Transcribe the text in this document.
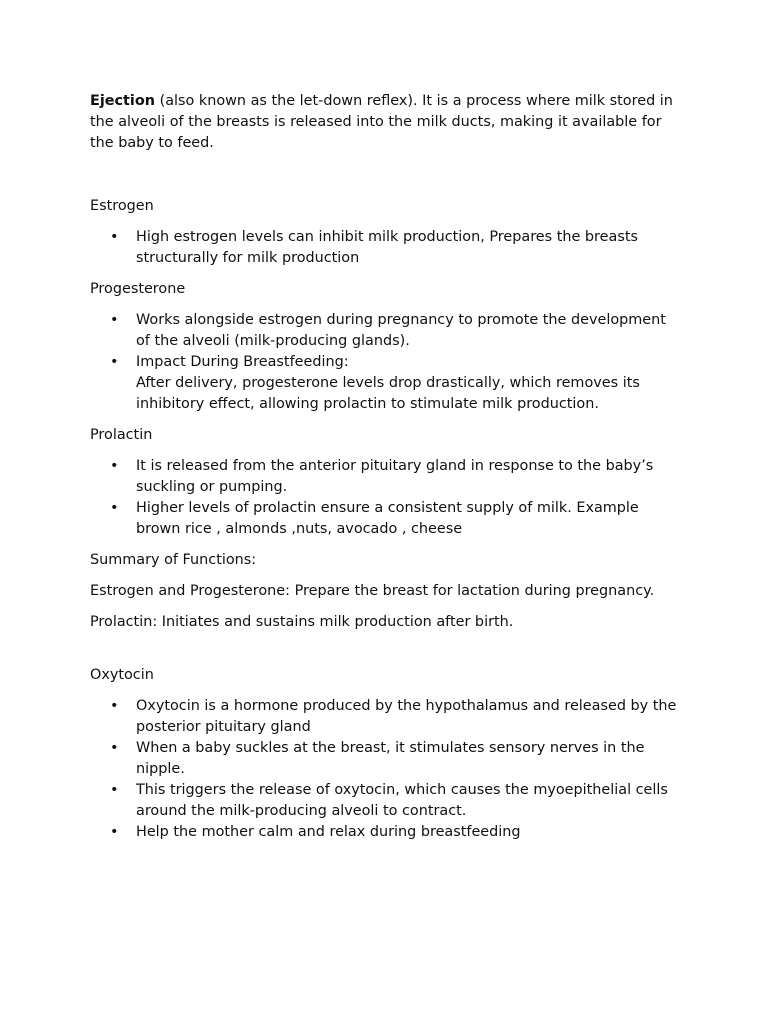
Ejection (also known as the let-down reflex). It is a process where milk stored in the alveoli of the breasts is released into the milk ducts, making it available for the baby to feed.

Estrogen

• High estrogen levels can inhibit milk production, Prepares the breasts structurally for milk production

Progesterone

• Works alongside estrogen during pregnancy to promote the development of the alveoli (milk-producing glands).
• Impact During Breastfeeding:
After delivery, progesterone levels drop drastically, which removes its inhibitory effect, allowing prolactin to stimulate milk production.

Prolactin

• It is released from the anterior pituitary gland in response to the baby’s suckling or pumping.
• Higher levels of prolactin ensure a consistent supply of milk. Example brown rice , almonds ,nuts, avocado , cheese

Summary of Functions:

Estrogen and Progesterone: Prepare the breast for lactation during pregnancy.

Prolactin: Initiates and sustains milk production after birth.

Oxytocin

• Oxytocin is a hormone produced by the hypothalamus and released by the posterior pituitary gland
• When a baby suckles at the breast, it stimulates sensory nerves in the nipple.
• This triggers the release of oxytocin, which causes the myoepithelial cells around the milk-producing alveoli to contract.
• Help the mother calm and relax during breastfeeding
